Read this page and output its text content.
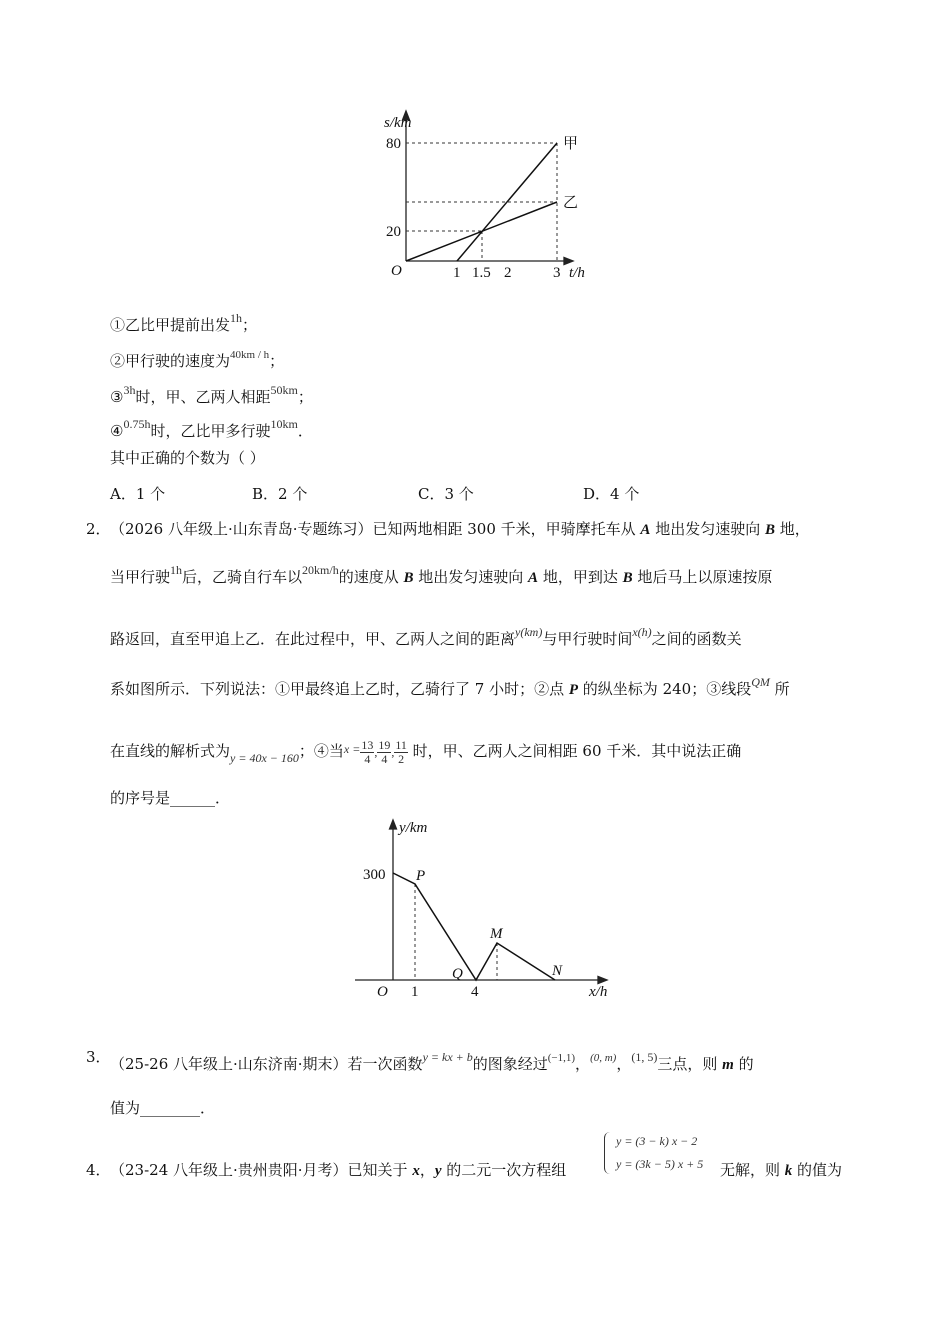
s/km
80
20
O	1 1.5 2	3 t/h
甲
乙
①乙比甲提前出发$^{1h}$；
②甲行驶的速度为$^{40km / h}$；
③$^{3h}$时，甲、乙两人相距$^{50km}$；
④$^{0.75h}$时，乙比甲多行驶$^{10km}$．
其中正确的个数为（ ）
A．1 个	B．2 个	C．3 个	D．4 个
2． （2026 八年级上·山东青岛·专题练习）已知两地相距 300 千米，甲骑摩托车从 A 地出发匀速驶向 B 地，
当甲行驶$^{1h}$后，乙骑自行车以$^{20km/h}$的速度从 B 地出发匀速驶向 A 地，甲到达 B 地后马上以原速按原
路返回，直至甲追上乙．在此过程中，甲、乙两人之间的距离$^{y(km)}$与甲行驶时间$^{x(h)}$之间的函数关
系如图所示．下列说法：①甲最终追上乙时，乙骑行了 7 小时；②点 P 的纵坐标为 240；③线段$^{QM}$ 所
在直线的解析式为$_{y = 40x - 160}$；④当$^{x =} \frac{13}{4}$ , $\frac{19}{4}$ , $\frac{11}{2}$ 时，甲、乙两人之间相距 60 千米．其中说法正确
的序号是______．
y/km
300
O 1	4	x/h
P
Q
M
N
3． （25-26 八年级上·山东济南·期末）若一次函数$^{y = kx + b}$的图象经过$^{(-1,1)}$，$^{(0, m)}$，$^{(1, 5)}$三点，则 m 的
值为________．
4． （23-24 八年级上·贵州贵阳·月考）已知关于 x，y 的二元一次方程组
y = (3 − k) x − 2
y = (3k − 5) x + 5 无解，则 k 的值为
